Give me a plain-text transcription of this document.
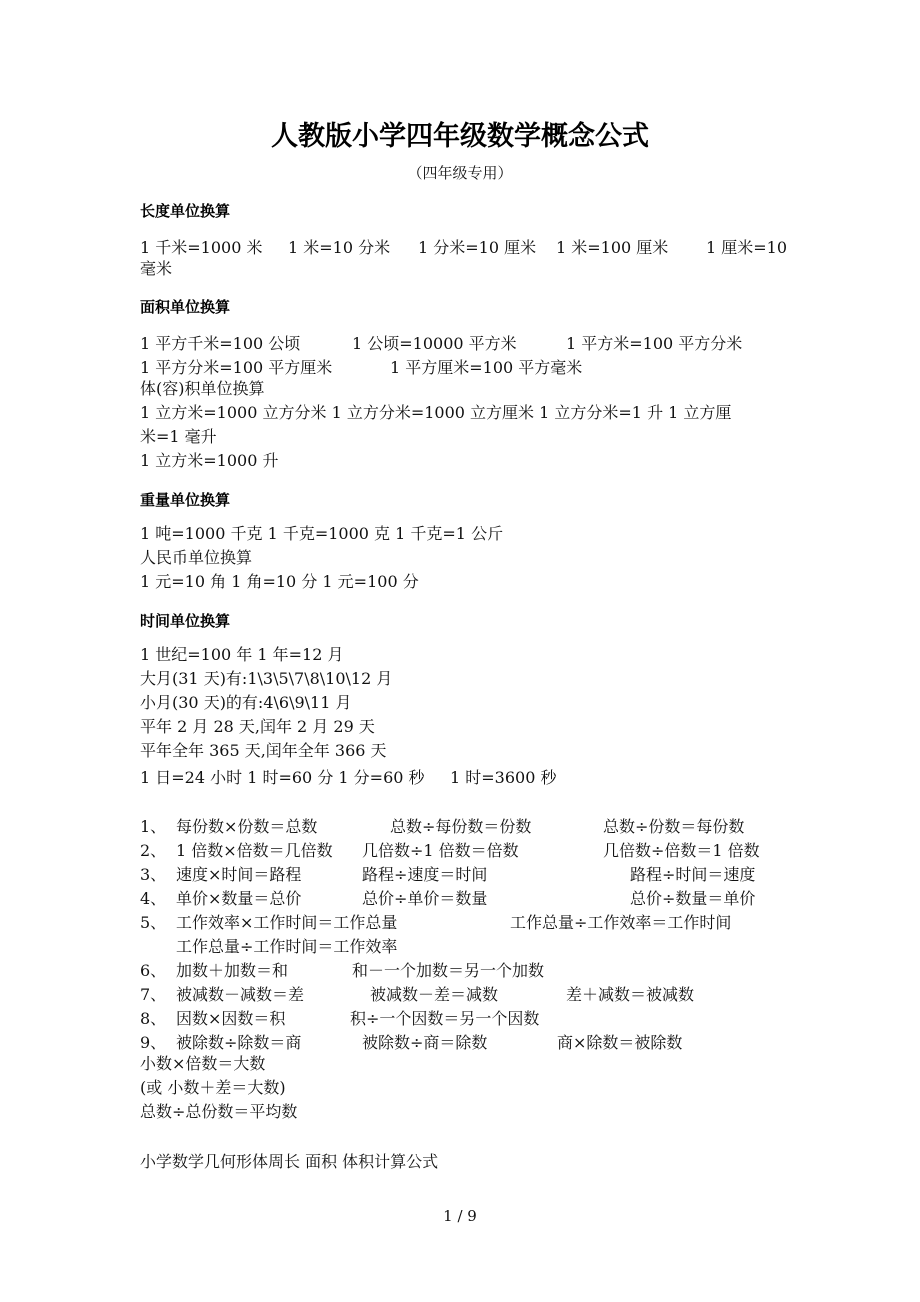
人教版小学四年级数学概念公式
（四年级专用）
长度单位换算
1 千米=1000 米 1 米=10 分米 1 分米=10 厘米 1 米=100 厘米 1 厘米=10
毫米
面积单位换算
1 平方千米=100 公顷	1 公顷=10000 平方米	1 平方米=100 平方分米
1 平方分米=100 平方厘米	1 平方厘米=100 平方毫米
体(容)积单位换算
1 立方米=1000 立方分米 1 立方分米=1000 立方厘米 1 立方分米=1 升 1 立方厘
米=1 毫升
1 立方米=1000 升
重量单位换算
1 吨=1000 千克 1 千克=1000 克 1 千克=1 公斤
人民币单位换算
1 元=10 角 1 角=10 分 1 元=100 分
时间单位换算
1 世纪=100 年 1 年=12 月
大月(31 天)有:1\3\5\7\8\10\12 月
小月(30 天)的有:4\6\9\11 月
平年 2 月 28 天,闰年 2 月 29 天
平年全年 365 天,闰年全年 366 天
1 日=24 小时 1 时=60 分 1 分=60 秒 1 时=3600 秒
1、 每份数×份数＝总数	总数÷每份数＝份数	总数÷份数＝每份数
2、 1 倍数×倍数＝几倍数 几倍数÷1 倍数＝倍数	几倍数÷倍数＝1 倍数
3、 速度×时间＝路程	路程÷速度＝时间	路程÷时间＝速度
4、 单价×数量＝总价	总价÷单价＝数量	总价÷数量＝单价
5、 工作效率×工作时间＝工作总量	工作总量÷工作效率＝工作时间
工作总量÷工作时间＝工作效率
6、 加数＋加数＝和	和－一个加数＝另一个加数
7、 被减数－减数＝差	被减数－差＝减数	差＋减数＝被减数
8、 因数×因数＝积	积÷一个因数＝另一个因数
9、 被除数÷除数＝商	被除数÷商＝除数	商×除数＝被除数
小数×倍数＝大数
(或 小数＋差＝大数)
总数÷总份数＝平均数
小学数学几何形体周长 面积 体积计算公式
1 / 9
